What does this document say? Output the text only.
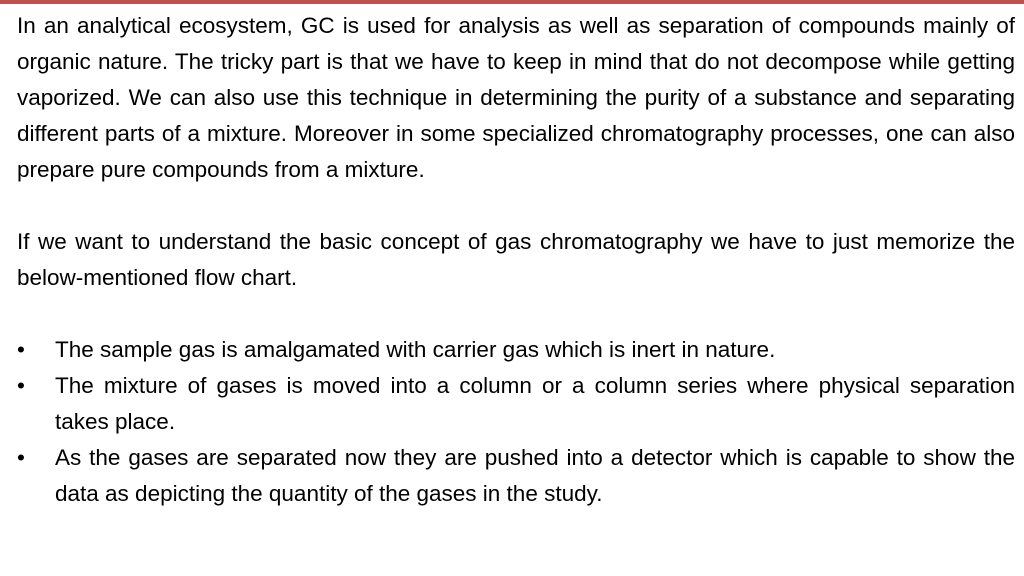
In an analytical ecosystem, GC is used for analysis as well as separation of compounds mainly of organic nature. The tricky part is that we have to keep in mind that do not decompose while getting vaporized. We can also use this technique in determining the purity of a substance and separating different parts of a mixture. Moreover in some specialized chromatography processes, one can also prepare pure compounds from a mixture.

If we want to understand the basic concept of gas chromatography we have to just memorize the below-mentioned flow chart.

•	The sample gas is amalgamated with carrier gas which is inert in nature.
•	The mixture of gases is moved into a column or a column series where physical separation takes place.
•	As the gases are separated now they are pushed into a detector which is capable to show the data as depicting the quantity of the gases in the study.
